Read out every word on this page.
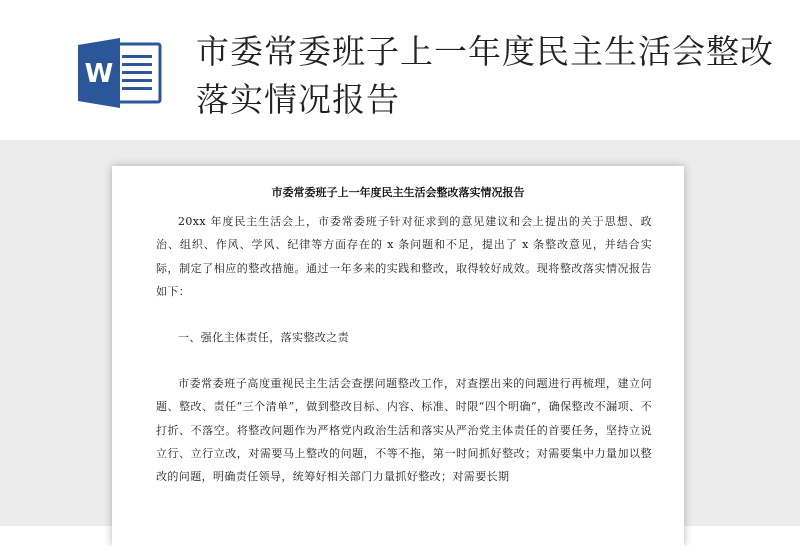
W
市委常委班子上一年度民主生活会整改落实情况报告
市委常委班子上一年度民主生活会整改落实情况报告

20xx 年度民主生活会上，市委常委班子针对征求到的意见建议和会上提出的关于思想、政治、组织、作风、学风、纪律等方面存在的 x 条问题和不足，提出了 x 条整改意见，并结合实际，制定了相应的整改措施。通过一年多来的实践和整改，取得较好成效。现将整改落实情况报告如下：

一、强化主体责任，落实整改之责

市委常委班子高度重视民主生活会查摆问题整改工作，对查摆出来的问题进行再梳理，建立问题、整改、责任“三个清单”，做到整改目标、内容、标准、时限“四个明确”，确保整改不漏项、不打折、不落空。将整改问题作为严格党内政治生活和落实从严治党主体责任的首要任务，坚持立说立行、立行立改，对需要马上整改的问题，不等不拖，第一时间抓好整改；对需要集中力量加以整改的问题，明确责任领导，统筹好相关部门力量抓好整改；对需要长期
